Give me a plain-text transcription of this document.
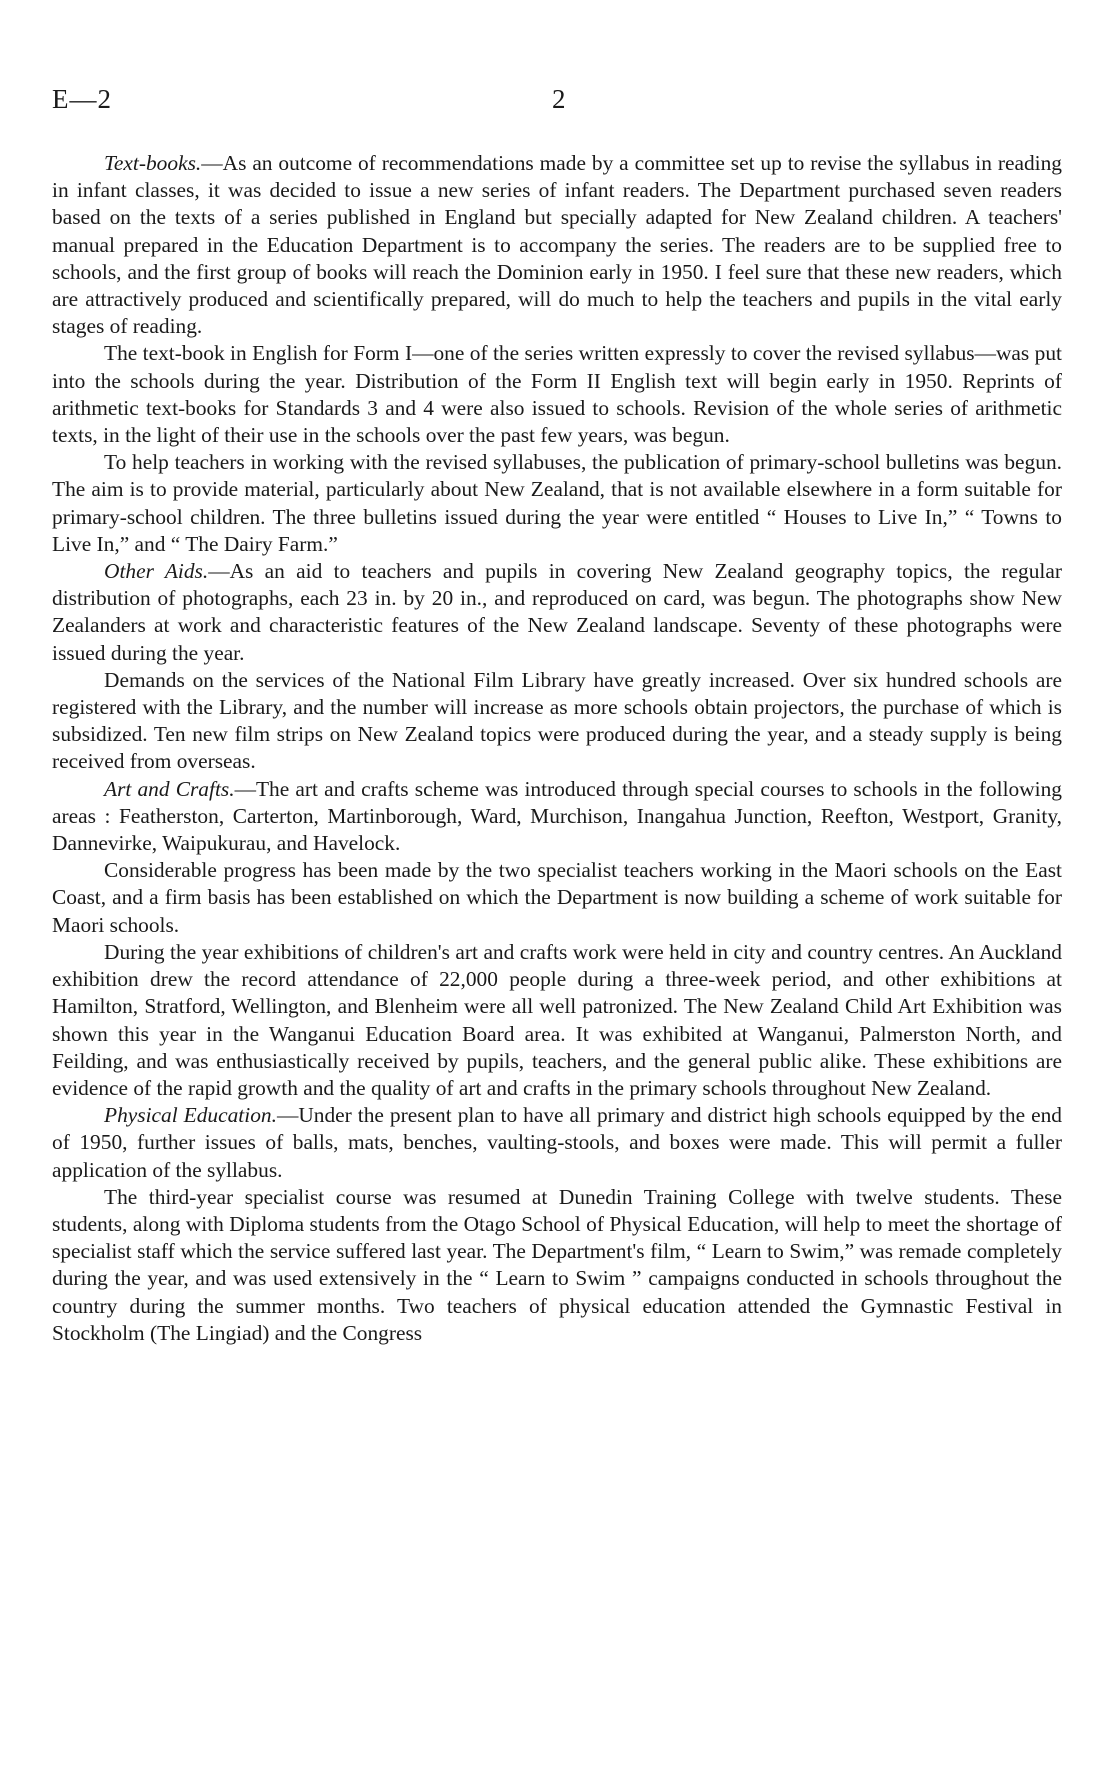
E—2	2

Text-books.—As an outcome of recommendations made by a committee set up to revise the syllabus in reading in infant classes, it was decided to issue a new series of infant readers. The Department purchased seven readers based on the texts of a series published in England but specially adapted for New Zealand children. A teachers' manual prepared in the Education Department is to accompany the series. The readers are to be supplied free to schools, and the first group of books will reach the Dominion early in 1950. I feel sure that these new readers, which are attractively produced and scientifically prepared, will do much to help the teachers and pupils in the vital early stages of reading.

The text-book in English for Form I—one of the series written expressly to cover the revised syllabus—was put into the schools during the year. Distribution of the Form II English text will begin early in 1950. Reprints of arithmetic text-books for Standards 3 and 4 were also issued to schools. Revision of the whole series of arithmetic texts, in the light of their use in the schools over the past few years, was begun.

To help teachers in working with the revised syllabuses, the publication of primary-school bulletins was begun. The aim is to provide material, particularly about New Zealand, that is not available elsewhere in a form suitable for primary-school children. The three bulletins issued during the year were entitled “ Houses to Live In,” “ Towns to Live In,” and “ The Dairy Farm.”

Other Aids.—As an aid to teachers and pupils in covering New Zealand geography topics, the regular distribution of photographs, each 23 in. by 20 in., and reproduced on card, was begun. The photographs show New Zealanders at work and characteristic features of the New Zealand landscape. Seventy of these photographs were issued during the year.

Demands on the services of the National Film Library have greatly increased. Over six hundred schools are registered with the Library, and the number will increase as more schools obtain projectors, the purchase of which is subsidized. Ten new film strips on New Zealand topics were produced during the year, and a steady supply is being received from overseas.

Art and Crafts.—The art and crafts scheme was introduced through special courses to schools in the following areas : Featherston, Carterton, Martinborough, Ward, Murchison, Inangahua Junction, Reefton, Westport, Granity, Dannevirke, Waipukurau, and Havelock.

Considerable progress has been made by the two specialist teachers working in the Maori schools on the East Coast, and a firm basis has been established on which the Department is now building a scheme of work suitable for Maori schools.

During the year exhibitions of children's art and crafts work were held in city and country centres. An Auckland exhibition drew the record attendance of 22,000 people during a three-week period, and other exhibitions at Hamilton, Stratford, Wellington, and Blenheim were all well patronized. The New Zealand Child Art Exhibition was shown this year in the Wanganui Education Board area. It was exhibited at Wanganui, Palmerston North, and Feilding, and was enthusiastically received by pupils, teachers, and the general public alike. These exhibitions are evidence of the rapid growth and the quality of art and crafts in the primary schools throughout New Zealand.

Physical Education.—Under the present plan to have all primary and district high schools equipped by the end of 1950, further issues of balls, mats, benches, vaulting-stools, and boxes were made. This will permit a fuller application of the syllabus.

The third-year specialist course was resumed at Dunedin Training College with twelve students. These students, along with Diploma students from the Otago School of Physical Education, will help to meet the shortage of specialist staff which the service suffered last year. The Department's film, “ Learn to Swim,” was remade completely during the year, and was used extensively in the “ Learn to Swim ” campaigns conducted in schools throughout the country during the summer months. Two teachers of physical education attended the Gymnastic Festival in Stockholm (The Lingiad) and the Congress
